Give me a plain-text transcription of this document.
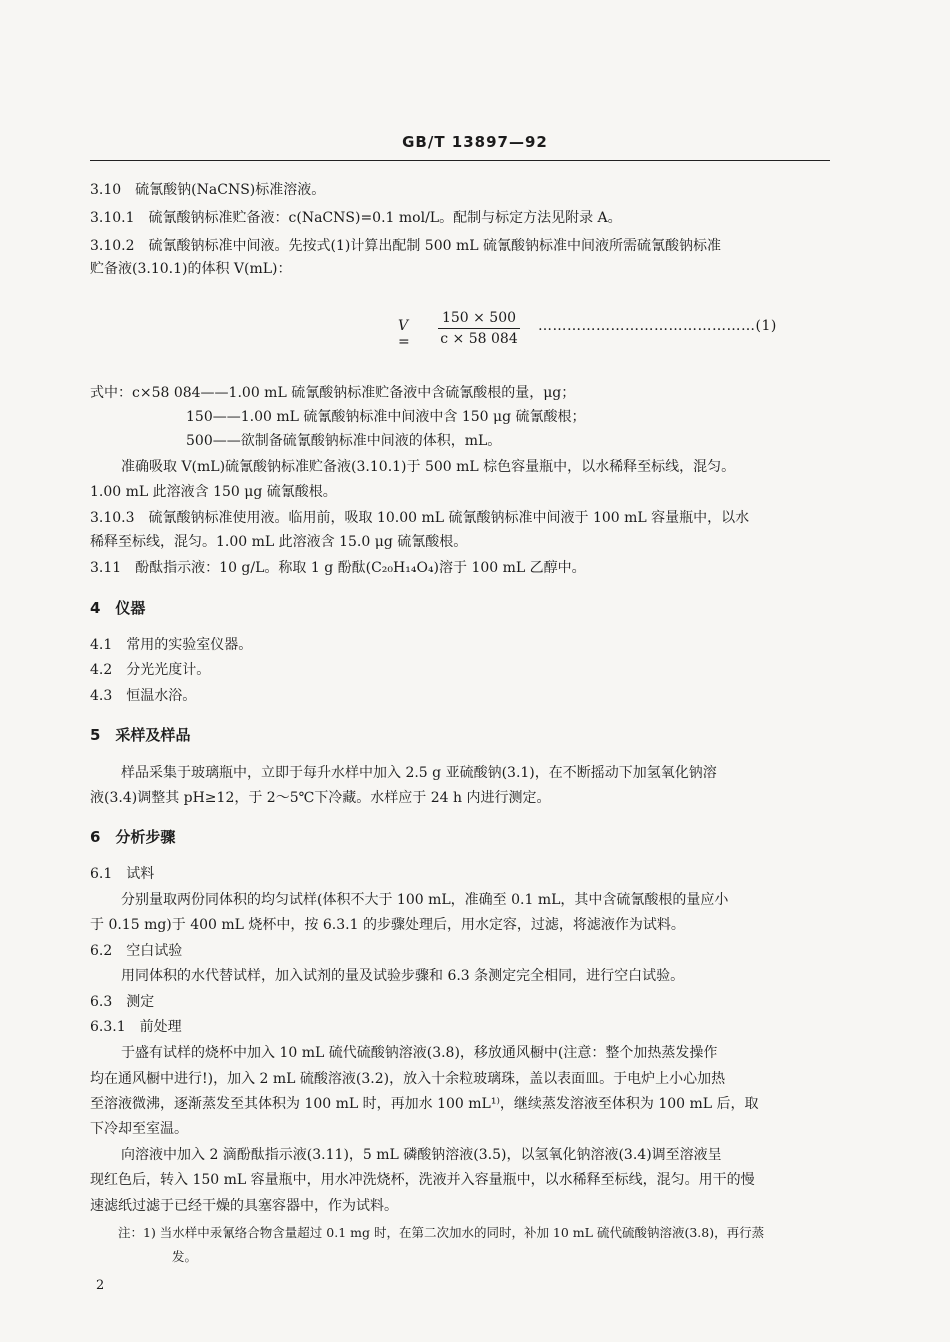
GB/T 13897—92
3.10　硫氰酸钠(NaCNS)标准溶液。
3.10.1　硫氰酸钠标准贮备液：c(NaCNS)=0.1 mol/L。配制与标定方法见附录 A。
3.10.2　硫氰酸钠标准中间液。先按式(1)计算出配制 500 mL 硫氰酸钠标准中间液所需硫氰酸钠标准
贮备液(3.10.1)的体积 V(mL)：
V =
150 × 500
c × 58 084
………………………………………(1)
式中：c×58 084——1.00 mL 硫氰酸钠标准贮备液中含硫氰酸根的量，μg；
150——1.00 mL 硫氰酸钠标准中间液中含 150 μg 硫氰酸根；
500——欲制备硫氰酸钠标准中间液的体积，mL。
准确吸取 V(mL)硫氰酸钠标准贮备液(3.10.1)于 500 mL 棕色容量瓶中，以水稀释至标线，混匀。
1.00 mL 此溶液含 150 μg 硫氰酸根。
3.10.3　硫氰酸钠标准使用液。临用前，吸取 10.00 mL 硫氰酸钠标准中间液于 100 mL 容量瓶中，以水
稀释至标线，混匀。1.00 mL 此溶液含 15.0 μg 硫氰酸根。
3.11　酚酞指示液：10 g/L。称取 1 g 酚酞(C₂₀H₁₄O₄)溶于 100 mL 乙醇中。
4　仪器
4.1　常用的实验室仪器。
4.2　分光光度计。
4.3　恒温水浴。
5　采样及样品
样品采集于玻璃瓶中，立即于每升水样中加入 2.5 g 亚硫酸钠(3.1)，在不断摇动下加氢氧化钠溶
液(3.4)调整其 pH≥12，于 2～5℃下冷藏。水样应于 24 h 内进行测定。
6　分析步骤
6.1　试料
分别量取两份同体积的均匀试样(体积不大于 100 mL，准确至 0.1 mL，其中含硫氰酸根的量应小
于 0.15 mg)于 400 mL 烧杯中，按 6.3.1 的步骤处理后，用水定容，过滤，将滤液作为试料。
6.2　空白试验
用同体积的水代替试样，加入试剂的量及试验步骤和 6.3 条测定完全相同，进行空白试验。
6.3　测定
6.3.1　前处理
于盛有试样的烧杯中加入 10 mL 硫代硫酸钠溶液(3.8)，移放通风橱中(注意：整个加热蒸发操作
均在通风橱中进行!)，加入 2 mL 硫酸溶液(3.2)，放入十余粒玻璃珠，盖以表面皿。于电炉上小心加热
至溶液微沸，逐渐蒸发至其体积为 100 mL 时，再加水 100 mL¹⁾，继续蒸发溶液至体积为 100 mL 后，取
下冷却至室温。
向溶液中加入 2 滴酚酞指示液(3.11)，5 mL 磷酸钠溶液(3.5)，以氢氧化钠溶液(3.4)调至溶液呈
现红色后，转入 150 mL 容量瓶中，用水冲洗烧杯，洗液并入容量瓶中，以水稀释至标线，混匀。用干的慢
速滤纸过滤于已经干燥的具塞容器中，作为试料。
注：1) 当水样中汞氰络合物含量超过 0.1 mg 时，在第二次加水的同时，补加 10 mL 硫代硫酸钠溶液(3.8)，再行蒸
发。
2
